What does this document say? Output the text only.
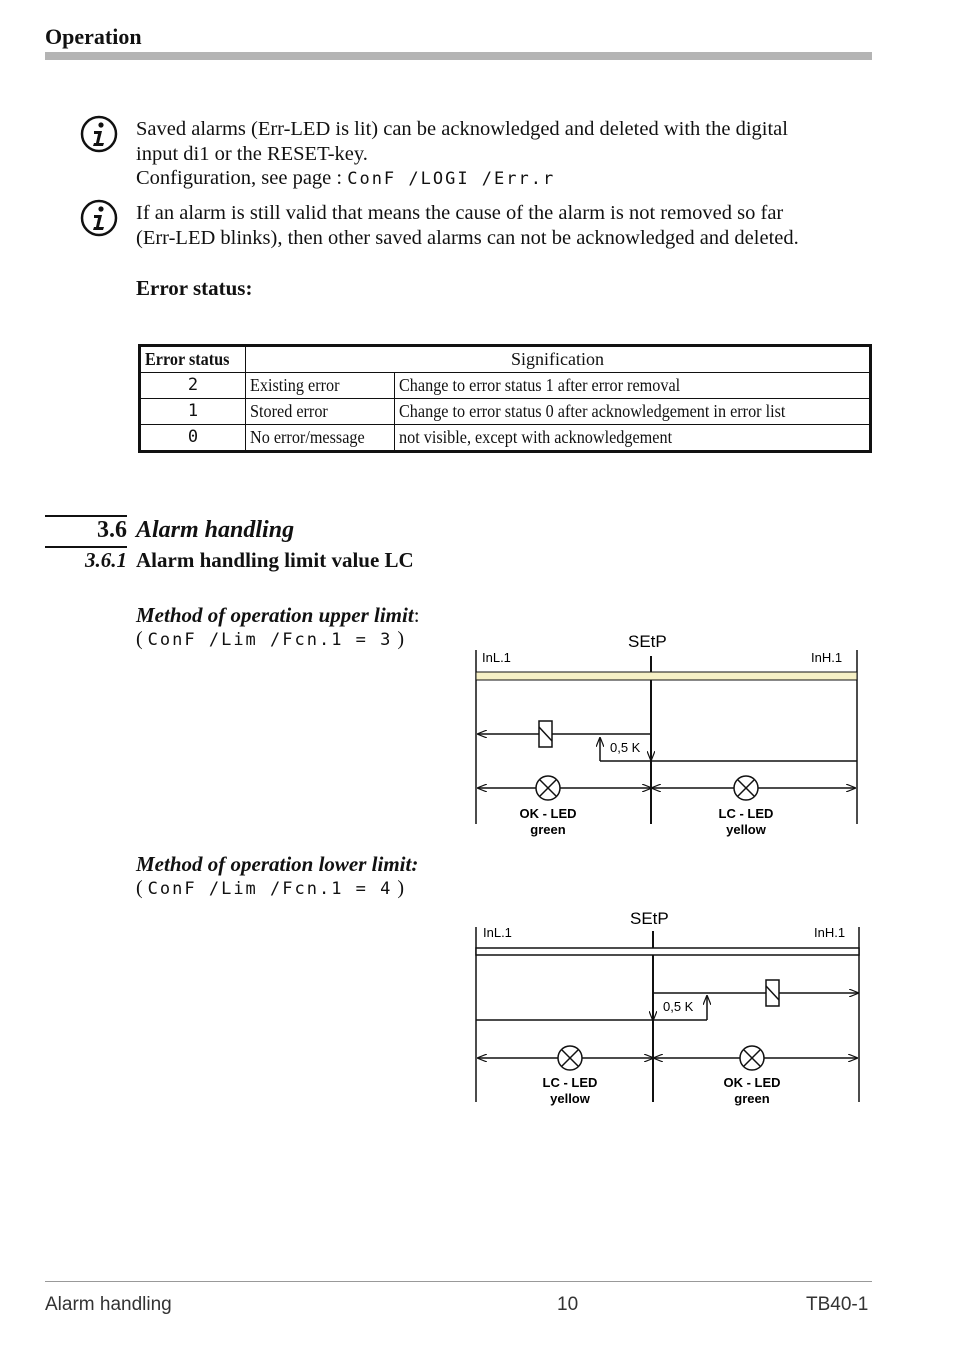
Operation
Saved alarms (Err-LED is lit) can be acknowledged and deleted with the digital
input di1 or the RESET-key.
Configuration, see page : ConF /LOGI /Err.r
If an alarm is still valid that means the cause of the alarm is not removed so far
(Err-LED blinks), then other saved alarms can not be acknowledged and deleted.
Error status:
Error status	Signification	
2	Existing error	Change to error status 1 after error removal
1	Stored error	Change to error status 0 after acknowledgement in error list
0	No error/message	not visible, except with acknowledgement
3.6 Alarm handling
3.6.1 Alarm handling limit value LC
Method of operation upper limit:
( ConF /Lim /Fcn.1 = 3 )
InL.1
SEtP
InH.1
0,5 K
OK - LED
green
LC - LED
yellow
Method of operation lower limit:
( ConF /Lim /Fcn.1 = 4 )
InL.1
SEtP
InH.1
0,5 K
LC - LED
yellow
OK - LED
green
Alarm handling	10	TB40-1
